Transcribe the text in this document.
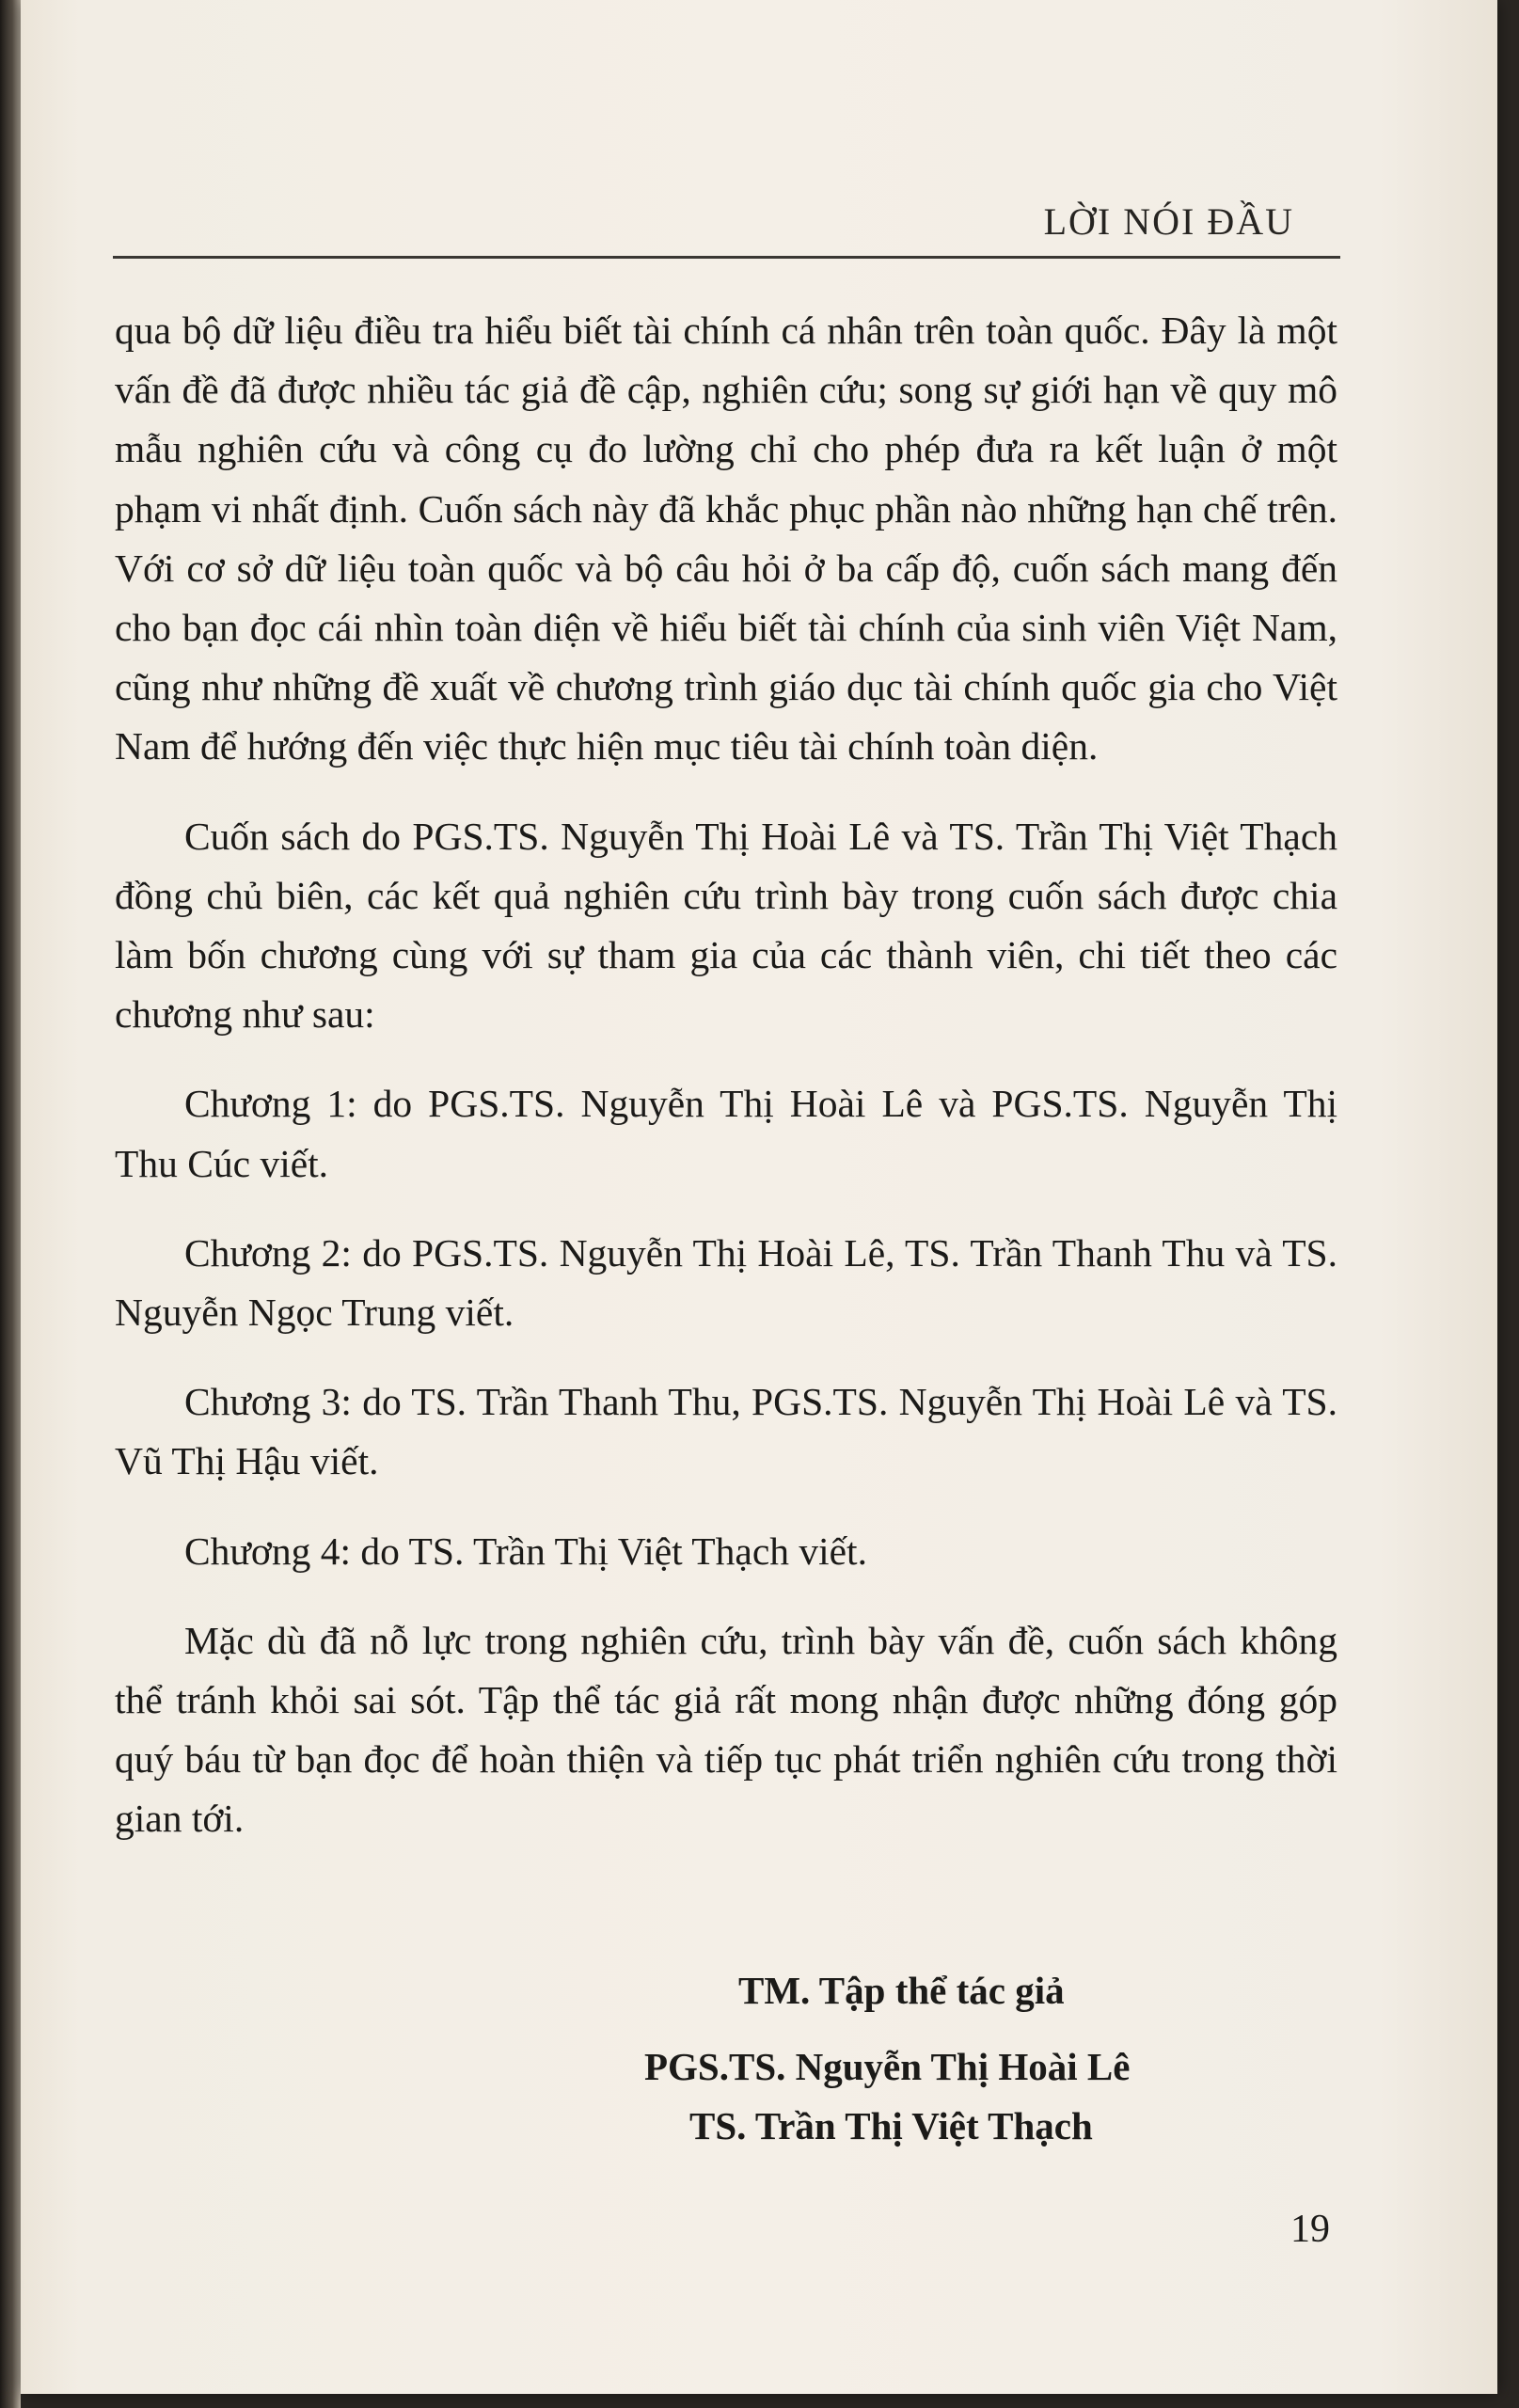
LỜI NÓI ĐẦU

qua bộ dữ liệu điều tra hiểu biết tài chính cá nhân trên toàn quốc. Đây là một vấn đề đã được nhiều tác giả đề cập, nghiên cứu; song sự giới hạn về quy mô mẫu nghiên cứu và công cụ đo lường chỉ cho phép đưa ra kết luận ở một phạm vi nhất định. Cuốn sách này đã khắc phục phần nào những hạn chế trên. Với cơ sở dữ liệu toàn quốc và bộ câu hỏi ở ba cấp độ, cuốn sách mang đến cho bạn đọc cái nhìn toàn diện về hiểu biết tài chính của sinh viên Việt Nam, cũng như những đề xuất về chương trình giáo dục tài chính quốc gia cho Việt Nam để hướng đến việc thực hiện mục tiêu tài chính toàn diện.

Cuốn sách do PGS.TS. Nguyễn Thị Hoài Lê và TS. Trần Thị Việt Thạch đồng chủ biên, các kết quả nghiên cứu trình bày trong cuốn sách được chia làm bốn chương cùng với sự tham gia của các thành viên, chi tiết theo các chương như sau:

Chương 1: do PGS.TS. Nguyễn Thị Hoài Lê và PGS.TS. Nguyễn Thị Thu Cúc viết.

Chương 2: do PGS.TS. Nguyễn Thị Hoài Lê, TS. Trần Thanh Thu và TS. Nguyễn Ngọc Trung viết.

Chương 3: do TS. Trần Thanh Thu, PGS.TS. Nguyễn Thị Hoài Lê và TS. Vũ Thị Hậu viết.

Chương 4: do TS. Trần Thị Việt Thạch viết.

Mặc dù đã nỗ lực trong nghiên cứu, trình bày vấn đề, cuốn sách không thể tránh khỏi sai sót. Tập thể tác giả rất mong nhận được những đóng góp quý báu từ bạn đọc để hoàn thiện và tiếp tục phát triển nghiên cứu trong thời gian tới.

TM. Tập thể tác giả
PGS.TS. Nguyễn Thị Hoài Lê
TS. Trần Thị Việt Thạch
19
